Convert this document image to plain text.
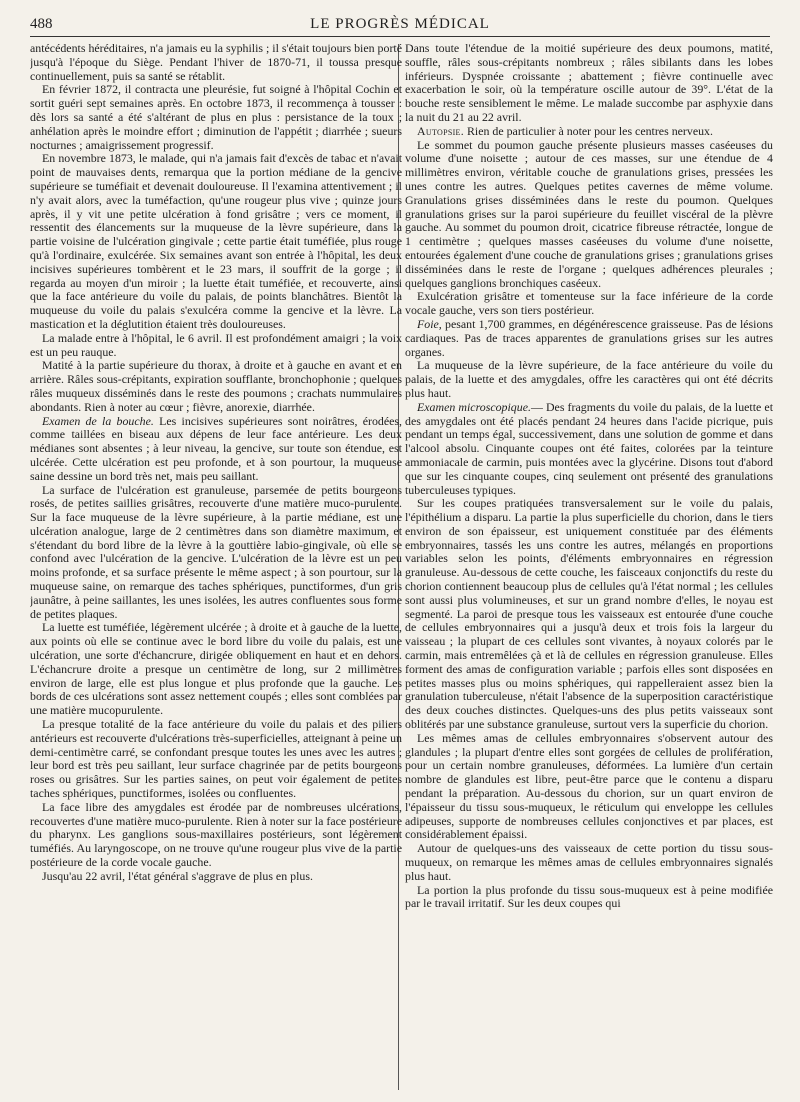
488	LE PROGRÈS MÉDICAL

antécédents héréditaires, n'a jamais eu la syphilis ; il s'était toujours bien porté jusqu'à l'époque du Siège. Pendant l'hiver de 1870-71, il toussa presque continuellement, puis sa santé se rétablit.

En février 1872, il contracta une pleurésie, fut soigné à l'hôpital Cochin et sortit guéri sept semaines après. En octobre 1873, il recommença à tousser : dès lors sa santé a été s'altérant de plus en plus : persistance de la toux ; anhélation après le moindre effort ; diminution de l'appétit ; diarrhée ; sueurs nocturnes ; amaigrissement progressif.

En novembre 1873, le malade, qui n'a jamais fait d'excès de tabac et n'avait point de mauvaises dents, remarqua que la portion médiane de la gencive supérieure se tuméfiait et devenait douloureuse. Il l'examina attentivement ; il n'y avait alors, avec la tuméfaction, qu'une rougeur plus vive ; quinze jours après, il y vit une petite ulcération à fond grisâtre ; vers ce moment, il ressentit des élancements sur la muqueuse de la lèvre supérieure, dans la partie voisine de l'ulcération gingivale ; cette partie était tuméfiée, plus rouge qu'à l'ordinaire, exulcérée. Six semaines avant son entrée à l'hôpital, les deux incisives supérieures tombèrent et le 23 mars, il souffrit de la gorge ; il regarda au moyen d'un miroir ; la luette était tuméfiée, et recouverte, ainsi que la face antérieure du voile du palais, de points blanchâtres. Bientôt la muqueuse du voile du palais s'exulcéra comme la gencive et la lèvre. La mastication et la déglutition étaient très douloureuses.

La malade entre à l'hôpital, le 6 avril. Il est profondément amaigri ; la voix est un peu rauque.

Matité à la partie supérieure du thorax, à droite et à gauche en avant et en arrière. Râles sous-crépitants, expiration soufflante, bronchophonie ; quelques râles muqueux disséminés dans le reste des poumons ; crachats nummulaires abondants. Rien à noter au cœur ; fièvre, anorexie, diarrhée.

Examen de la bouche. Les incisives supérieures sont noirâtres, érodées, comme taillées en biseau aux dépens de leur face antérieure. Les deux médianes sont absentes ; à leur niveau, la gencive, sur toute son étendue, est ulcérée. Cette ulcération est peu profonde, et à son pourtour, la muqueuse saine dessine un bord très net, mais peu saillant.

La surface de l'ulcération est granuleuse, parsemée de petits bourgeons rosés, de petites saillies grisâtres, recouverte d'une matière muco-purulente. Sur la face muqueuse de la lèvre supérieure, à la partie médiane, est une ulcération analogue, large de 2 centimètres dans son diamètre maximum, et s'étendant du bord libre de la lèvre à la gouttière labio-gingivale, où elle se confond avec l'ulcération de la gencive. L'ulcération de la lèvre est un peu moins profonde, et sa surface présente le même aspect ; à son pourtour, sur la muqueuse saine, on remarque des taches sphériques, punctiformes, d'un gris jaunâtre, à peine saillantes, les unes isolées, les autres confluentes sous forme de petites plaques.

La luette est tuméfiée, légèrement ulcérée ; à droite et à gauche de la luette, aux points où elle se continue avec le bord libre du voile du palais, est une ulcération, une sorte d'échancrure, dirigée obliquement en haut et en dehors. L'échancrure droite a presque un centimètre de long, sur 2 millimètres environ de large, elle est plus longue et plus profonde que la gauche. Les bords de ces ulcérations sont assez nettement coupés ; elles sont comblées par une matière mucopurulente.

La presque totalité de la face antérieure du voile du palais et des piliers antérieurs est recouverte d'ulcérations très-superficielles, atteignant à peine un demi-centimètre carré, se confondant presque toutes les unes avec les autres ; leur bord est très peu saillant, leur surface chagrinée par de petits bourgeons roses ou grisâtres. Sur les parties saines, on peut voir également de petites taches sphériques, punctiformes, isolées ou confluentes.

La face libre des amygdales est érodée par de nombreuses ulcérations, recouvertes d'une matière muco-purulente. Rien à noter sur la face postérieure du pharynx. Les ganglions sous-maxillaires postérieurs, sont légèrement tuméfiés. Au laryngoscope, on ne trouve qu'une rougeur plus vive de la partie postérieure de la corde vocale gauche.

Jusqu'au 22 avril, l'état général s'aggrave de plus en plus.

Dans toute l'étendue de la moitié supérieure des deux poumons, matité, souffle, râles sous-crépitants nombreux ; râles sibilants dans les lobes inférieurs. Dyspnée croissante ; abattement ; fièvre continuelle avec exacerbation le soir, où la température oscille autour de 39°. L'état de la bouche reste sensiblement le même. Le malade succombe par asphyxie dans la nuit du 21 au 22 avril.

Autopsie. Rien de particulier à noter pour les centres nerveux.

Le sommet du poumon gauche présente plusieurs masses caséeuses du volume d'une noisette ; autour de ces masses, sur une étendue de 4 millimètres environ, véritable couche de granulations grises, pressées les unes contre les autres. Quelques petites cavernes de même volume. Granulations grises disséminées dans le reste du poumon. Quelques granulations grises sur la paroi supérieure du feuillet viscéral de la plèvre gauche. Au sommet du poumon droit, cicatrice fibreuse rétractée, longue de 1 centimètre ; quelques masses caséeuses du volume d'une noisette, entourées également d'une couche de granulations grises ; granulations grises disséminées dans le reste de l'organe ; quelques adhérences pleurales ; quelques ganglions bronchiques caséeux.

Exulcération grisâtre et tomenteuse sur la face inférieure de la corde vocale gauche, vers son tiers postérieur.

Foie, pesant 1,700 grammes, en dégénérescence graisseuse. Pas de lésions cardiaques. Pas de traces apparentes de granulations grises sur les autres organes.

La muqueuse de la lèvre supérieure, de la face antérieure du voile du palais, de la luette et des amygdales, offre les caractères qui ont été décrits plus haut.

Examen microscopique.— Des fragments du voile du palais, de la luette et des amygdales ont été placés pendant 24 heures dans l'acide picrique, puis pendant un temps égal, successivement, dans une solution de gomme et dans l'alcool absolu. Cinquante coupes ont été faites, colorées par la teinture ammoniacale de carmin, puis montées avec la glycérine. Disons tout d'abord que sur les cinquante coupes, cinq seulement ont présenté des granulations tuberculeuses typiques.

Sur les coupes pratiquées transversalement sur le voile du palais, l'épithélium a disparu. La partie la plus superficielle du chorion, dans le tiers environ de son épaisseur, est uniquement constituée par des éléments embryonnaires, tassés les uns contre les autres, mélangés en proportions variables selon les points, d'éléments embryonnaires en régression granuleuse. Au-dessous de cette couche, les faisceaux conjonctifs du reste du chorion contiennent beaucoup plus de cellules qu'à l'état normal ; les cellules sont aussi plus volumineuses, et sur un grand nombre d'elles, le noyau est segmenté. La paroi de presque tous les vaisseaux est entourée d'une couche de cellules embryonnaires qui a jusqu'à deux et trois fois la largeur du vaisseau ; la plupart de ces cellules sont vivantes, à noyaux colorés par le carmin, mais entremêlées çà et là de cellules en régression granuleuse. Elles forment des amas de configuration variable ; parfois elles sont disposées en petites masses plus ou moins sphériques, qui rappelleraient assez bien la granulation tuberculeuse, n'était l'absence de la superposition caractéristique des deux couches distinctes. Quelques-uns des plus petits vaisseaux sont oblitérés par une substance granuleuse, surtout vers la superficie du chorion.

Les mêmes amas de cellules embryonnaires s'observent autour des glandules ; la plupart d'entre elles sont gorgées de cellules de prolifération, pour un certain nombre granuleuses, déformées. La lumière d'un certain nombre de glandules est libre, peut-être parce que le contenu a disparu pendant la préparation. Au-dessous du chorion, sur un quart environ de l'épaisseur du tissu sous-muqueux, le réticulum qui enveloppe les cellules adipeuses, supporte de nombreuses cellules conjonctives et par places, est considérablement épaissi.

Autour de quelques-uns des vaisseaux de cette portion du tissu sous-muqueux, on remarque les mêmes amas de cellules embryonnaires signalés plus haut.

La portion la plus profonde du tissu sous-muqueux est à peine modifiée par le travail irritatif. Sur les deux coupes qui
